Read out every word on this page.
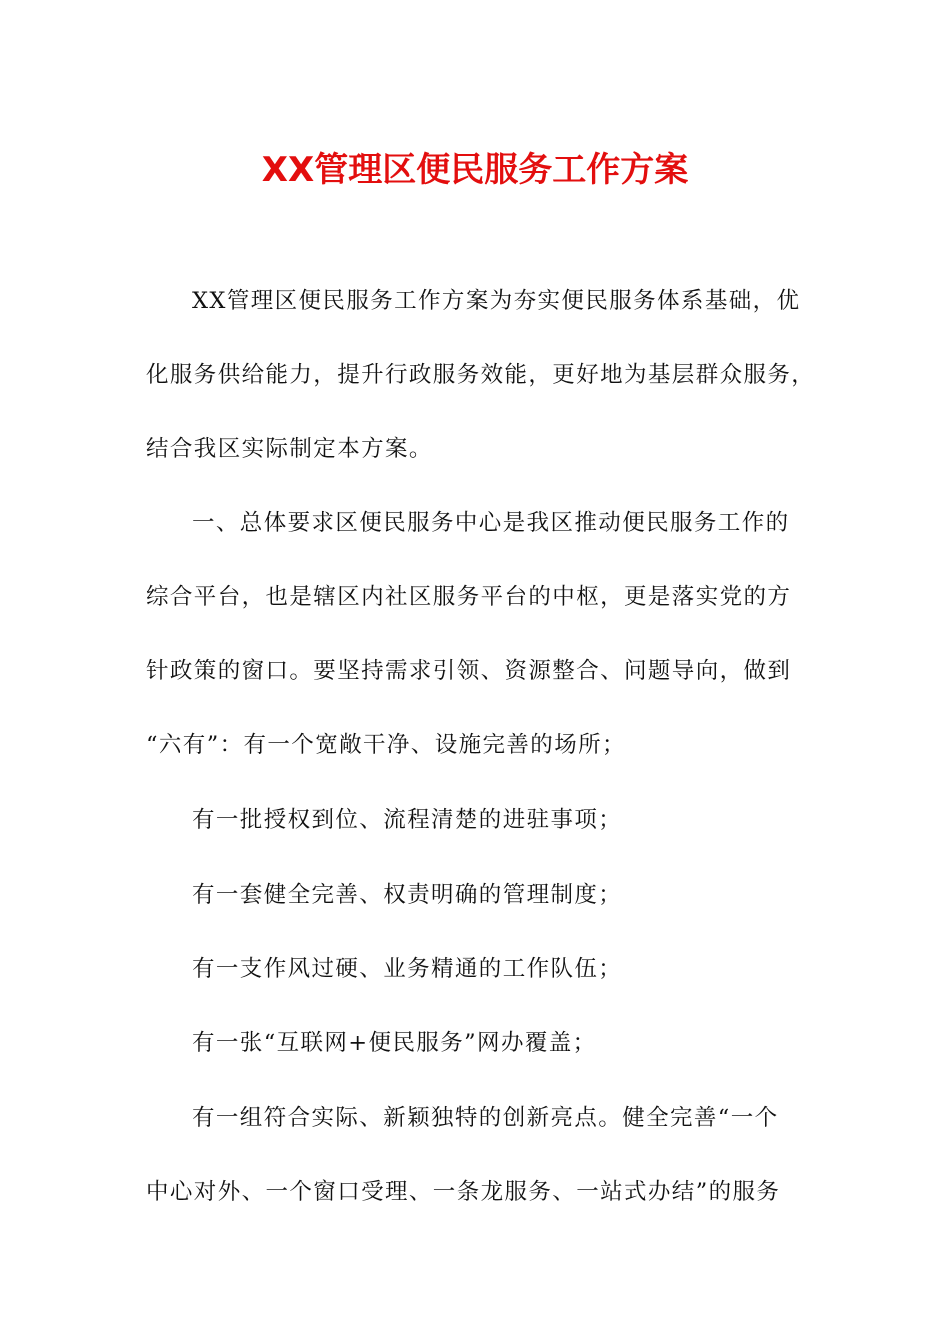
XX管理区便民服务工作方案

XX管理区便民服务工作方案为夯实便民服务体系基础，优

化服务供给能力，提升行政服务效能，更好地为基层群众服务，

结合我区实际制定本方案。

一、总体要求区便民服务中心是我区推动便民服务工作的

综合平台，也是辖区内社区服务平台的中枢，更是落实党的方

针政策的窗口。要坚持需求引领、资源整合、问题导向，做到

“六有”：有一个宽敞干净、设施完善的场所；

有一批授权到位、流程清楚的进驻事项；

有一套健全完善、权责明确的管理制度；

有一支作风过硬、业务精通的工作队伍；

有一张“互联网+便民服务”网办覆盖；

有一组符合实际、新颖独特的创新亮点。健全完善“一个

中心对外、一个窗口受理、一条龙服务、一站式办结”的服务
